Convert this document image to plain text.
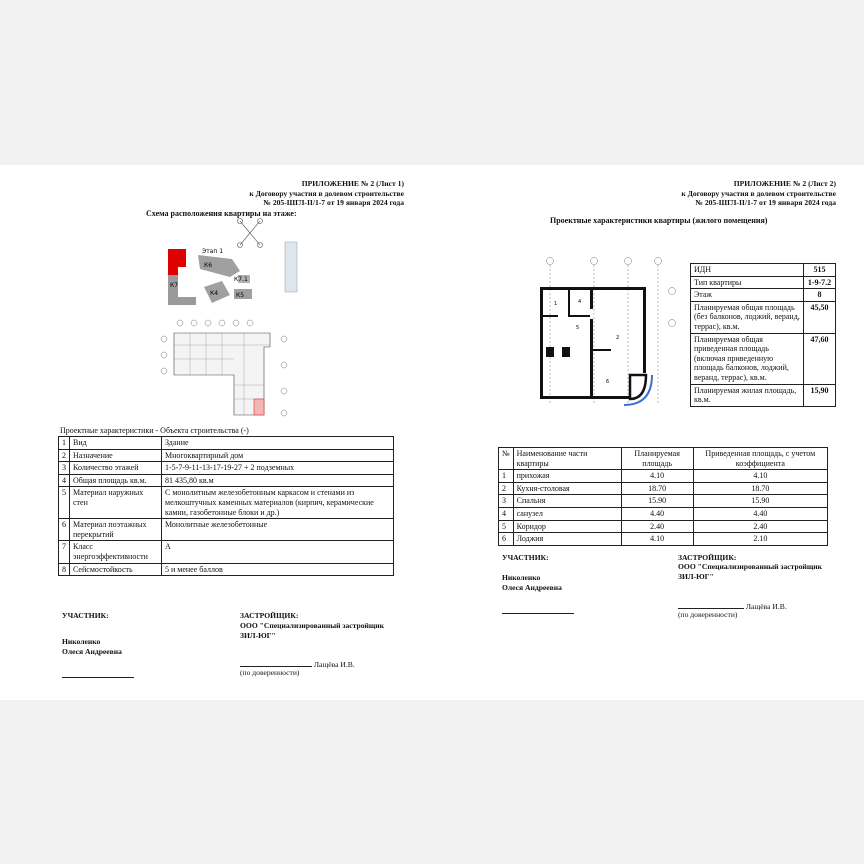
ПРИЛОЖЕНИЕ № 2 (Лист 1)
к Договору участия в долевом строительстве
№ 205-ШГЛ-II/1-7 от 19 января 2024 года
Схема расположения квартиры на этаже:
Этап 1
К6
К7
К4	К5
К7.1
Проектные характеристики - Объекта строительства (-)
1	Вид	Здание
2	Назначение	Многоквартирный дом
3	Количество этажей	1-5-7-9-11-13-17-19-27 + 2 подземных
4	Общая площадь кв.м.	81 435,80 кв.м
5	Материал наружных стен	С монолитным железобетонным каркасом и стенами из мелкоштучных каменных материалов (кирпич, керамические камни, газобетонные блоки и др.)
6	Материал поэтажных перекрытий	Монолитные железобетонные
7	Класс энергоэффективности	А
8	Сейсмостойкость	5 и менее баллов
УЧАСТНИК:
Николенко
Олеся Андреевна
ЗАСТРОЙЩИК:
ООО "Специализированный застройщик
ЗИЛ-ЮГ"
Лащёва И.В.
(по доверенности)
ПРИЛОЖЕНИЕ № 2 (Лист 2)
к Договору участия в долевом строительстве
№ 205-ШГЛ-II/1-7 от 19 января 2024 года
Проектные характеристики квартиры (жилого помещения)
1
2
3
4
5
6
ИДН	515
Тип квартиры	1-9-7.2
Этаж	8
Планируемая общая площадь (без балконов, лоджий, веранд, террас), кв.м.	45,50
Планируемая общая приведенная площадь (включая приведенную площадь балконов, лоджий, веранд, террас), кв.м.	47,60
Планируемая жилая площадь, кв.м.	15,90
№	Наименование части квартиры	Планируемая площадь	Приведенная площадь, с учетом коэффициента
1	прихожая	4.10	4.10
2	Кухня-столовая	18.70	18.70
3	Спальня	15.90	15.90
4	санузел	4.40	4.40
5	Коридор	2.40	2.40
6	Лоджия	4.10	2.10
УЧАСТНИК:
Николенко
Олеся Андреевна
ЗАСТРОЙЩИК:
ООО "Специализированный застройщик
ЗИЛ-ЮГ"
Лащёва И.В.
(по доверенности)
